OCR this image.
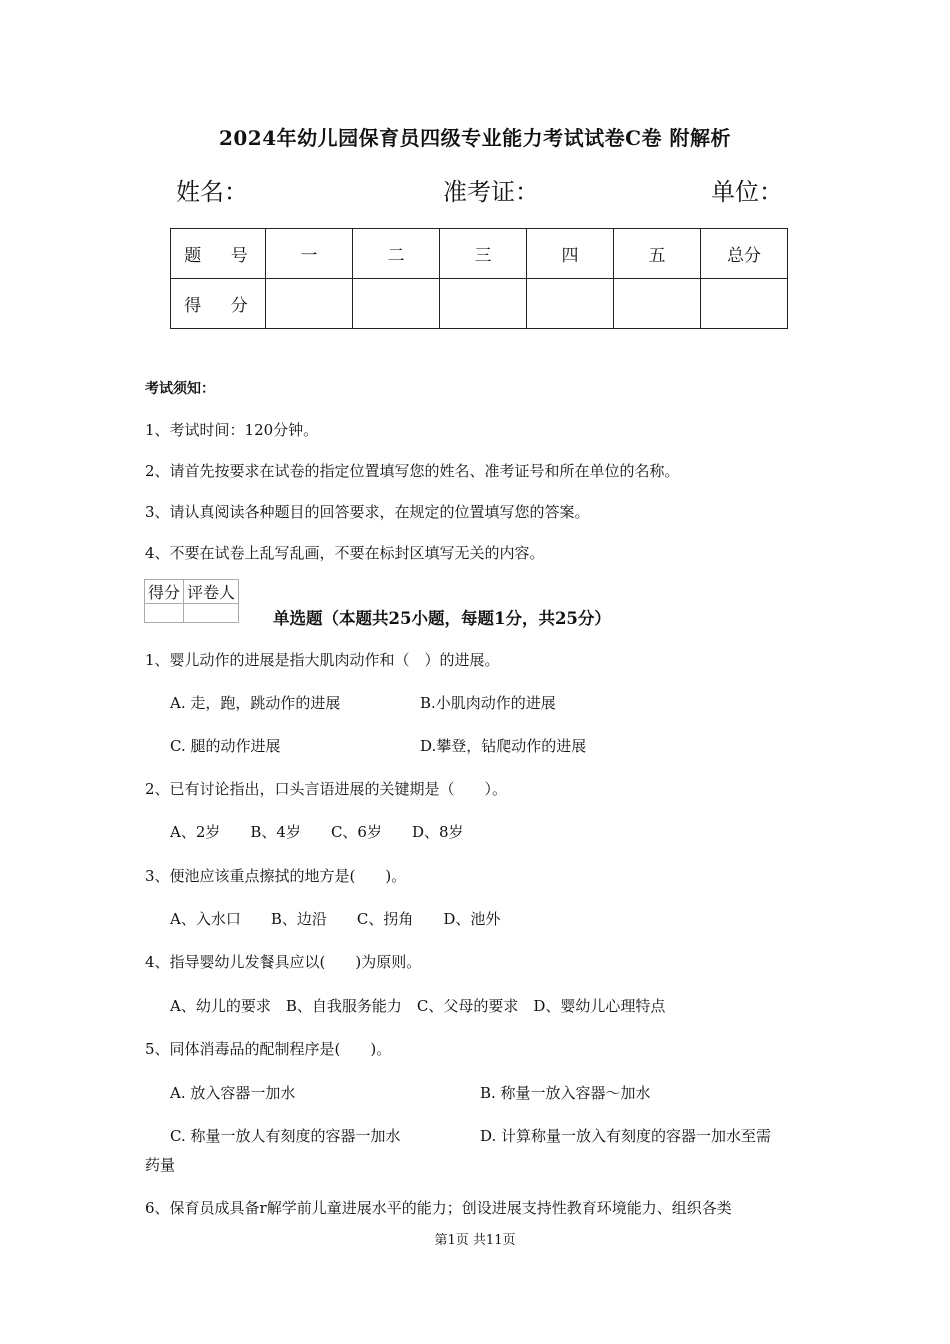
2024年幼儿园保育员四级专业能力考试试卷C卷 附解析
姓名：	准考证：	单位：
题 号	一	二	三	四	五	总分
得 分						
考试须知：
1、考试时间：120分钟。
2、请首先按要求在试卷的指定位置填写您的姓名、准考证号和所在单位的名称。
3、请认真阅读各种题目的回答要求，在规定的位置填写您的答案。
4、不要在试卷上乱写乱画，不要在标封区填写无关的内容。
得分	评卷人

单选题（本题共25小题，每题1分，共25分）
1、婴儿动作的进展是指大肌肉动作和（　）的进展。
A. 走，跑，跳动作的进展	B.小肌肉动作的进展
C. 腿的动作进展	D.攀登，钻爬动作的进展
2、已有讨论指出，口头言语进展的关键期是（　　）。
A、2岁　　B、4岁　　C、6岁　　D、8岁
3、便池应该重点擦拭的地方是(　　)。
A、入水口　　B、边沿　　C、拐角　　D、池外
4、指导婴幼儿发餐具应以(　　)为原则。
A、幼儿的要求　B、自我服务能力　C、父母的要求　D、婴幼儿心理特点
5、同体消毒品的配制程序是(　　)。
A. 放入容器一加水	B. 称量一放入容器～加水
C. 称量一放人有刻度的容器一加水	D. 计算称量一放入有刻度的容器一加水至需
药量
6、保育员成具备r解学前儿童进展水平的能力；创设进展支持性教育环境能力、组织各类
第1页 共11页
